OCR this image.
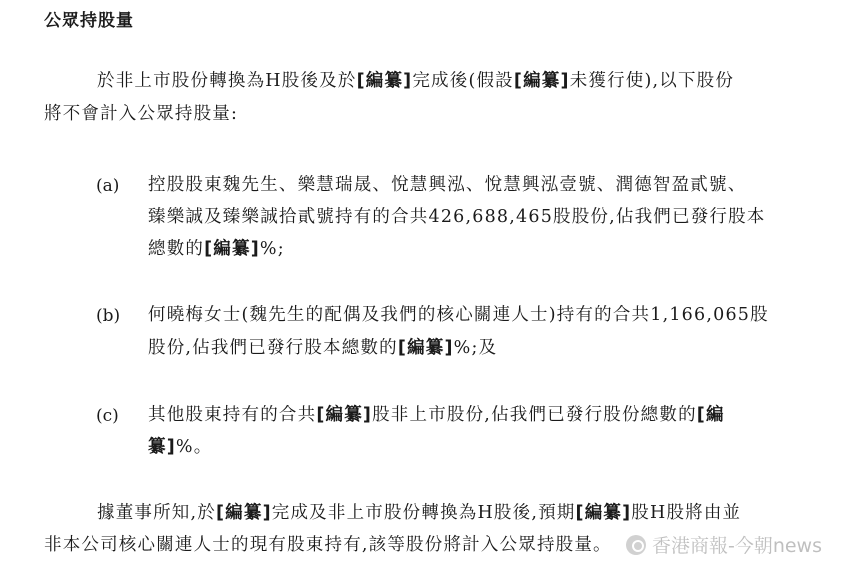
公眾持股量
於非上市股份轉換為H股後及於[編纂]完成後(假設[編纂]未獲行使),以下股份
將不會計入公眾持股量:
(a) 控股股東魏先生、樂慧瑞晟、悅慧興泓、悅慧興泓壹號、潤德智盈貳號、
臻樂誠及臻樂誠拾貳號持有的合共426,688,465股股份,佔我們已發行股本
總數的[編纂]%;
(b) 何曉梅女士(魏先生的配偶及我們的核心關連人士)持有的合共1,166,065股
股份,佔我們已發行股本總數的[編纂]%;及
(c) 其他股東持有的合共[編纂]股非上市股份,佔我們已發行股份總數的[編
纂]%。
據董事所知,於[編纂]完成及非上市股份轉換為H股後,預期[編纂]股H股將由並
非本公司核心關連人士的現有股東持有,該等股份將計入公眾持股量。 香港商報-今朝news
